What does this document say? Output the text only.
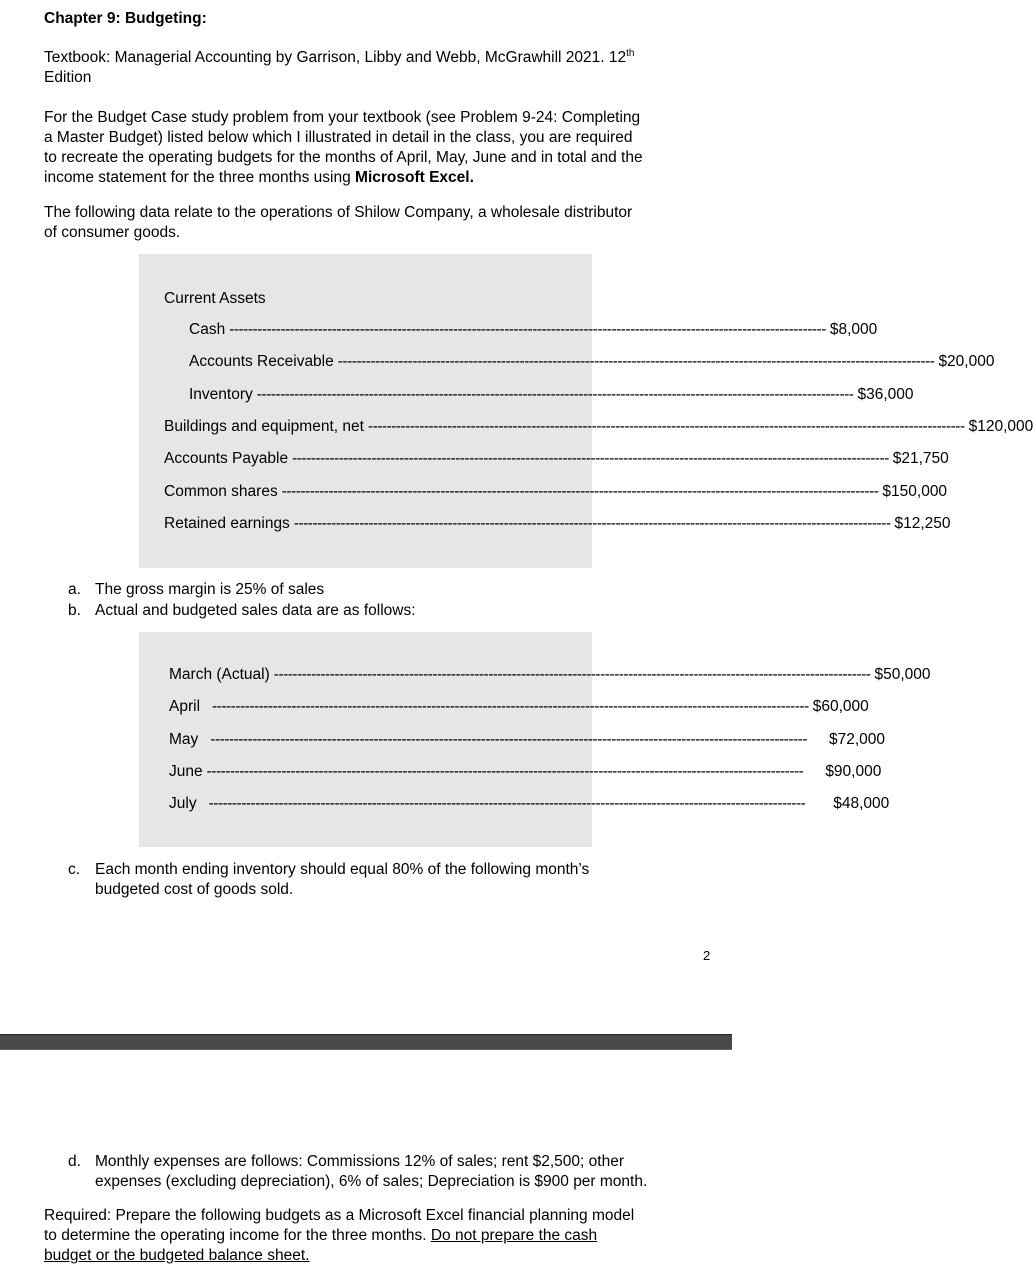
Chapter 9: Budgeting:

Textbook: Managerial Accounting by Garrison, Libby and Webb, McGrawhill 2021. 12th

Edition

For the Budget Case study problem from your textbook (see Problem 9-24: Completing

a Master Budget) listed below which I illustrated in detail in the class, you are required

to recreate the operating budgets for the months of April, May, June and in total and the

income statement for the three months using Microsoft Excel.

The following data relate to the operations of Shilow Company, a wholesale distributor

of consumer goods.

Current Assets

Cash -------------------------------------------------------------------------------------------------------------------------------- $8,000
Accounts Receivable -------------------------------------------------------------------------------------------------------------------------------- $20,000
Inventory -------------------------------------------------------------------------------------------------------------------------------- $36,000
Buildings and equipment, net -------------------------------------------------------------------------------------------------------------------------------- $120,000
Accounts Payable -------------------------------------------------------------------------------------------------------------------------------- $21,750
Common shares -------------------------------------------------------------------------------------------------------------------------------- $150,000
Retained earnings -------------------------------------------------------------------------------------------------------------------------------- $12,250
a. The gross margin is 25% of sales
b. Actual and budgeted sales data are as follows:
March (Actual) -------------------------------------------------------------------------------------------------------------------------------- $50,000
April -------------------------------------------------------------------------------------------------------------------------------- $60,000
May -------------------------------------------------------------------------------------------------------------------------------- $72,000
June -------------------------------------------------------------------------------------------------------------------------------- $90,000
July -------------------------------------------------------------------------------------------------------------------------------- $48,000
c. Each month ending inventory should equal 80% of the following month’s

budgeted cost of goods sold.

2

d. Monthly expenses are follows: Commissions 12% of sales; rent $2,500; other

expenses (excluding depreciation), 6% of sales; Depreciation is $900 per month.

Required: Prepare the following budgets as a Microsoft Excel financial planning model

to determine the operating income for the three months. Do not prepare the cash

budget or the budgeted balance sheet.
